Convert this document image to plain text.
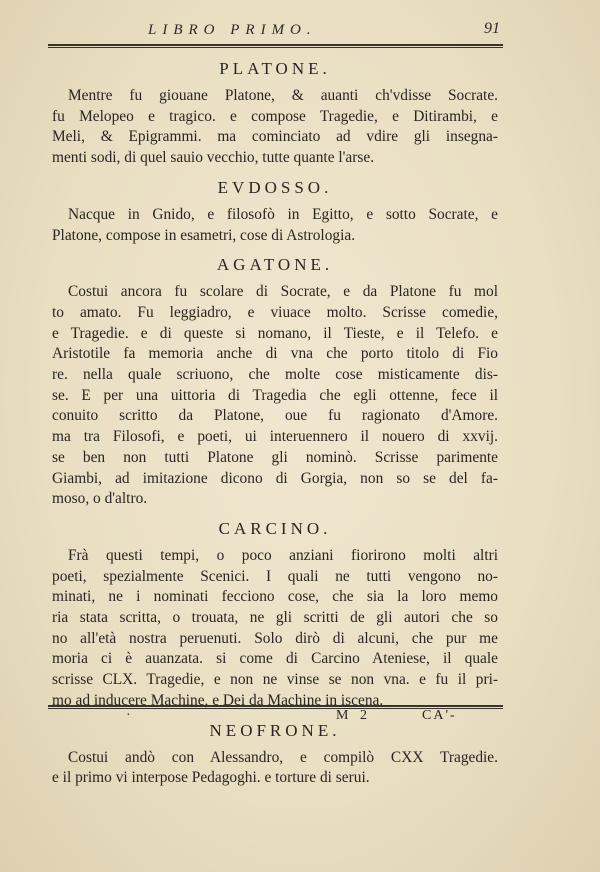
LIBRO PRIMO.	91
PLATONE.

Mentre fu giouane Platone, & auanti ch'vdisse Socrate.
fu Melopeo e tragico. e compose Tragedie, e Ditirambi, e
Meli, & Epigrammi. ma cominciato ad vdire gli insegna-
menti sodi, di quel sauio vecchio, tutte quante l'arse.

EVDOSSO.

Nacque in Gnido, e filosofò in Egitto, e sotto Socrate, e
Platone, compose in esametri, cose di Astrologia.

AGATONE.

Costui ancora fu scolare di Socrate, e da Platone fu mol
to amato. Fu leggiadro, e viuace molto. Scrisse comedie,
e Tragedie. e di queste si nomano, il Tieste, e il Telefo. e
Aristotile fa memoria anche di vna che porto titolo di Fio
re. nella quale scriuono, che molte cose misticamente dis-
se. E per una uittoria di Tragedia che egli ottenne, fece il
conuito scritto da Platone, oue fu ragionato d'Amore.
ma tra Filosofi, e poeti, ui interuennero il nouero di xxvij.
se ben non tutti Platone gli nominò. Scrisse parimente
Giambi, ad imitazione dicono di Gorgia, non so se del fa-
moso, o d'altro.

CARCINO.

Frà questi tempi, o poco anziani fiorirono molti altri
poeti, spezialmente Scenici. I quali ne tutti vengono no-
minati, ne i nominati fecciono cose, che sia la loro memo
ria stata scritta, o trouata, ne gli scritti de gli autori che so
no all'età nostra peruenuti. Solo dirò di alcuni, che pur me
moria ci è auanzata. si come di Carcino Ateniese, il quale
scrisse CLX. Tragedie, e non ne vinse se non vna. e fu il pri-
mo ad inducere Machine, e Dei da Machine in iscena.

NEOFRONE.

Costui andò con Alessandro, e compilò CXX Tragedie.
e il primo vi interpose Pedagoghi. e torture di serui.

·	M 2	CA'-
